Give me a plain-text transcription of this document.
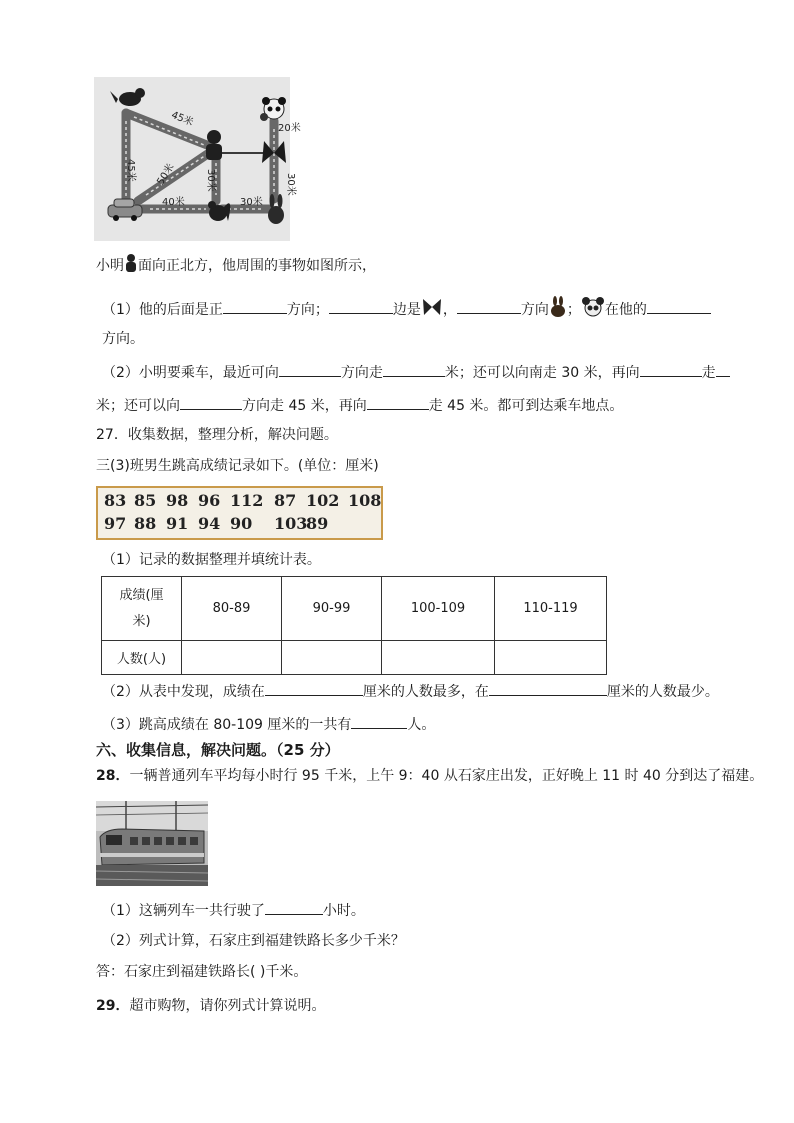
45米
45米 50米
40米
30米
20米
30米
30米
小明 面向正北方，他周围的事物如图所示，
（1）他的后面是正	方向；	边是 ，	方向 ； 在他的
方向。
（2）小明要乘车，最近可向	方向走	米；还可以向南走 30 米，再向	走
米；还可以向	方向走 45 米，再向	走 45 米。都可到达乘车地点。
27．收集数据，整理分析，解决问题。
三(3)班男生跳高成绩记录如下。(单位：厘米)
83 85 98 96 112 87 102 108
97 88 91 94 90 10389
（1）记录的数据整理并填统计表。
成绩(厘
米)	80-89	90-99	100-109	110-119
人数(人)				
（2）从表中发现，成绩在	厘米的人数最多，在	厘米的人数最少。
（3）跳高成绩在 80-109 厘米的一共有	人。
六、收集信息，解决问题。（25 分）
28．一辆普通列车平均每小时行 95 千米，上午 9：40 从石家庄出发，正好晚上 11 时 40 分到达了福建。
（1）这辆列车一共行驶了	小时。
（2）列式计算，石家庄到福建铁路长多少千米？
答：石家庄到福建铁路长( )千米。
29．超市购物，请你列式计算说明。
